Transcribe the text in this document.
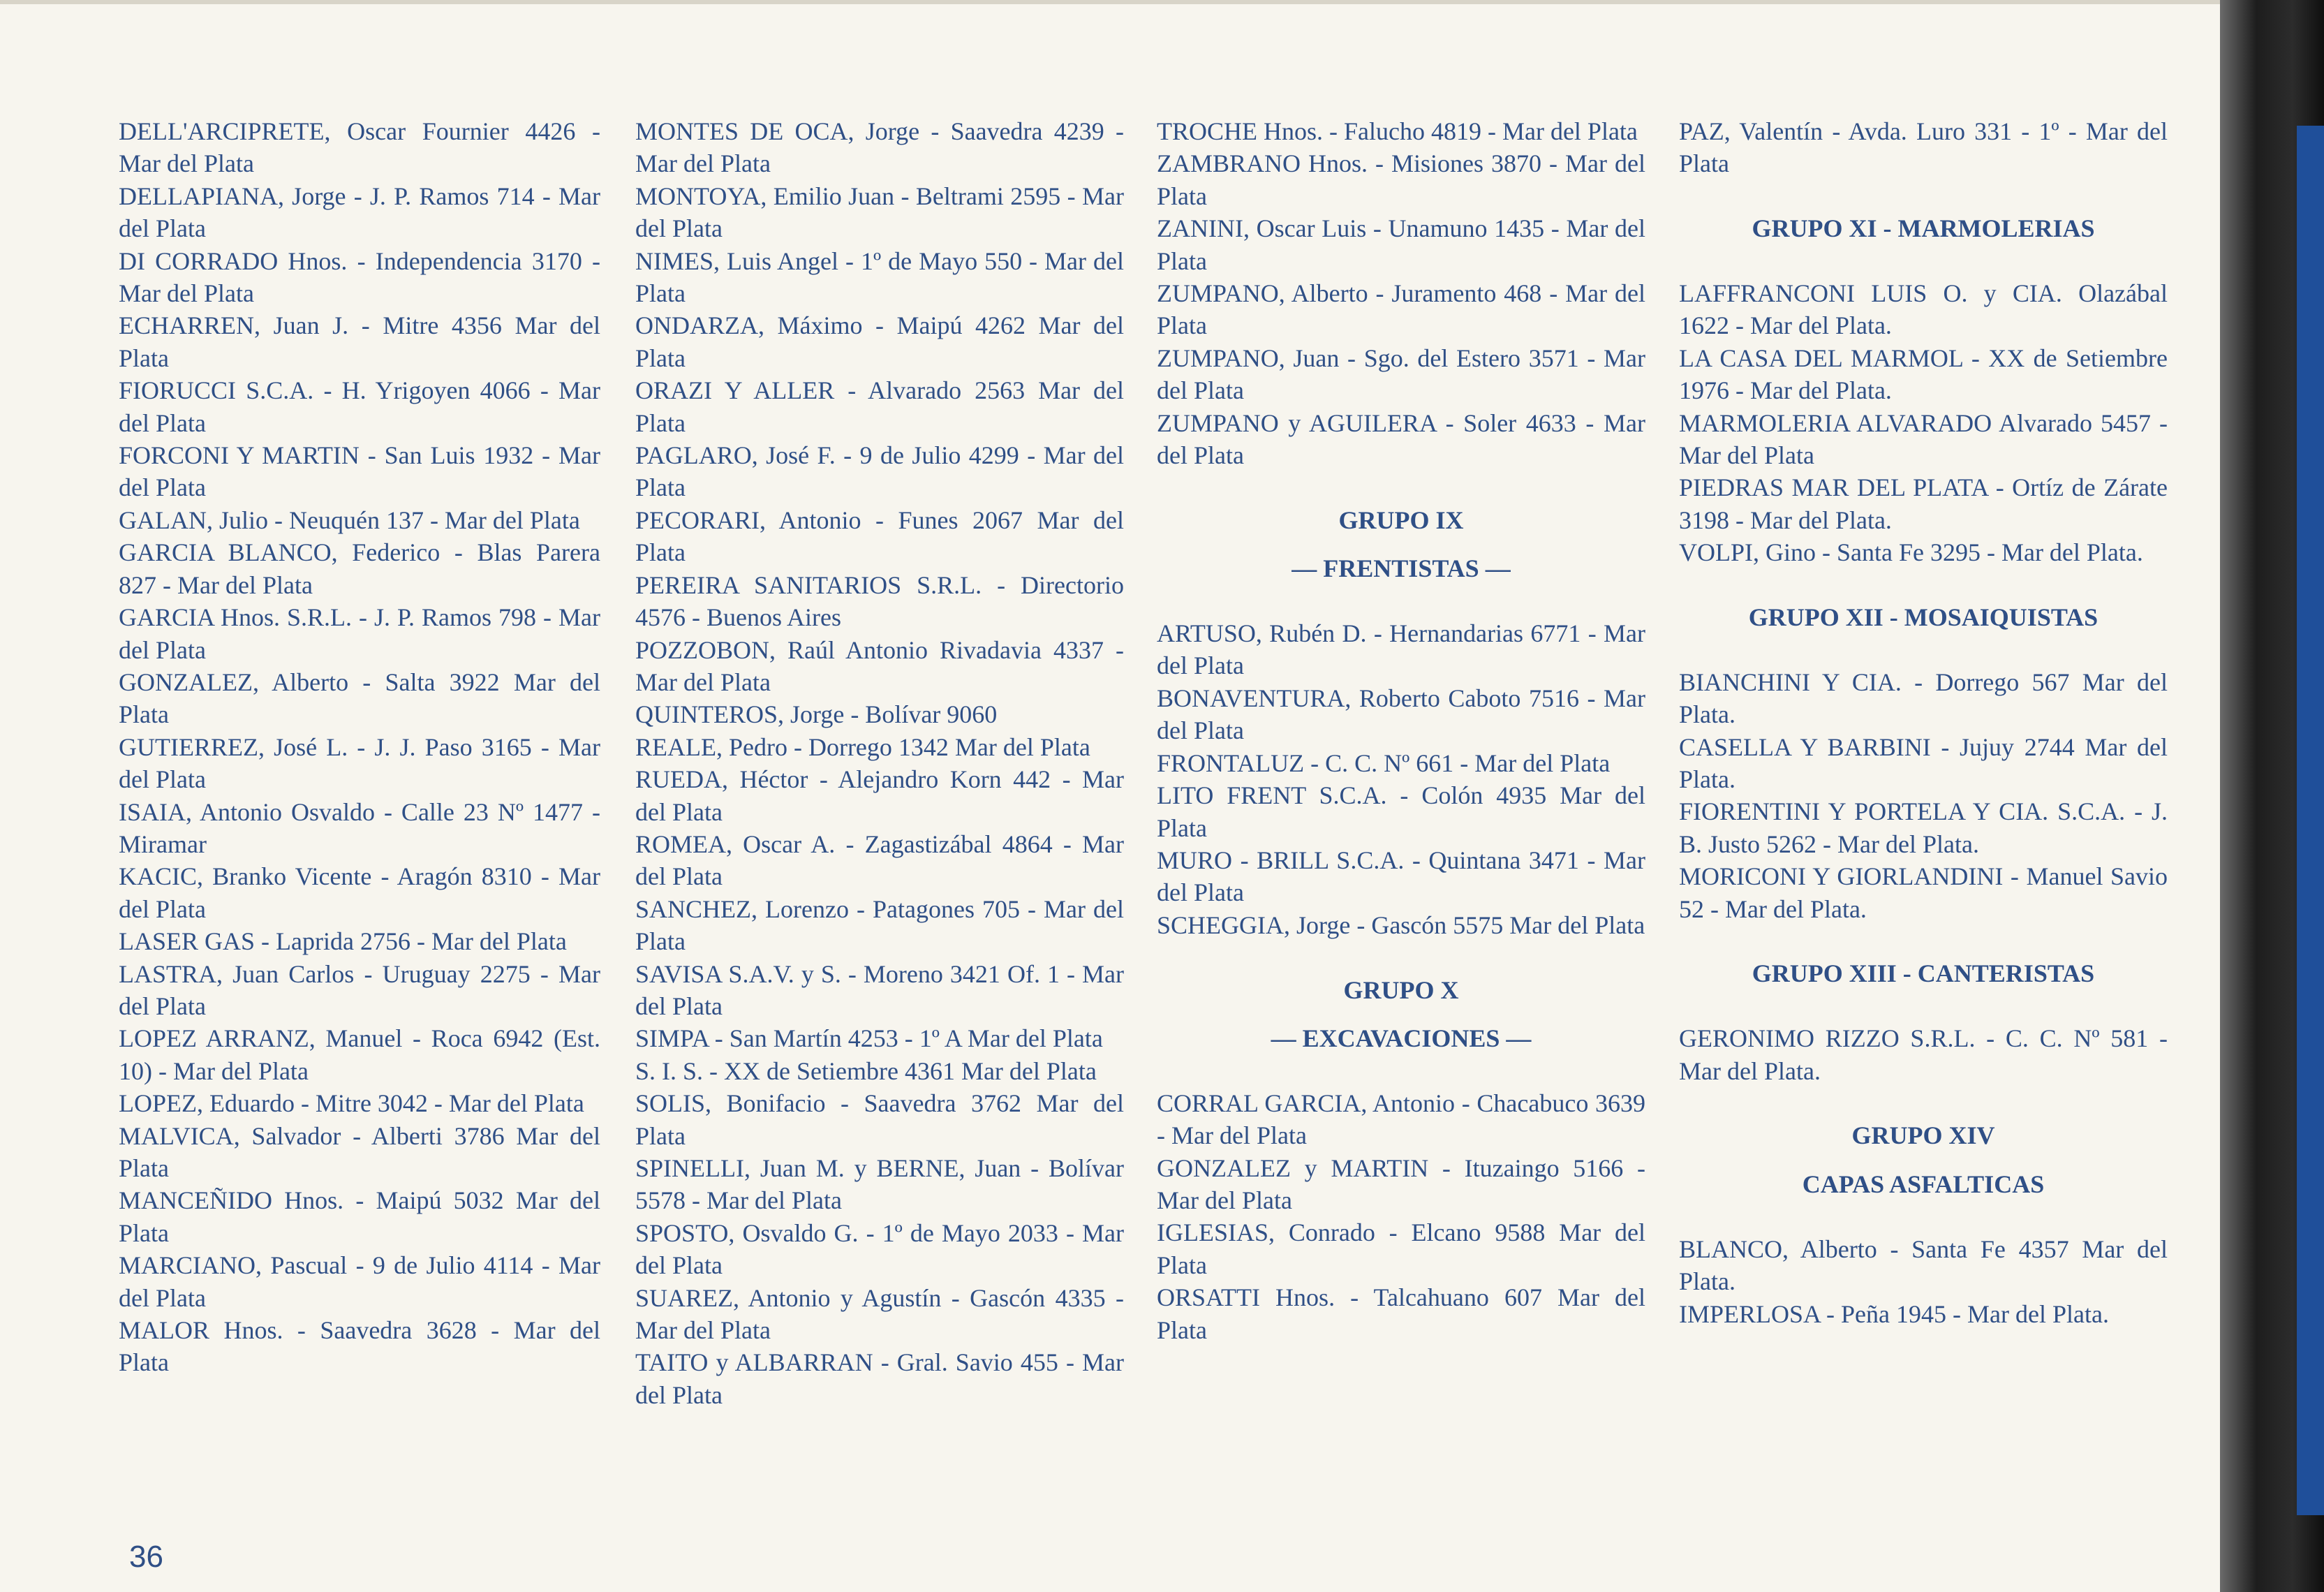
DELL'ARCIPRETE, Oscar Fournier 4426 - Mar del Plata

DELLAPIANA, Jorge - J. P. Ramos 714 - Mar del Plata

DI CORRADO Hnos. - Independencia 3170 - Mar del Plata

ECHARREN, Juan J. - Mitre 4356 Mar del Plata

FIORUCCI S.C.A. - H. Yrigoyen 4066 - Mar del Plata

FORCONI Y MARTIN - San Luis 1932 - Mar del Plata

GALAN, Julio - Neuquén 137 - Mar del Plata

GARCIA BLANCO, Federico - Blas Parera 827 - Mar del Plata

GARCIA Hnos. S.R.L. - J. P. Ramos 798 - Mar del Plata

GONZALEZ, Alberto - Salta 3922 Mar del Plata

GUTIERREZ, José L. - J. J. Paso 3165 - Mar del Plata

ISAIA, Antonio Osvaldo - Calle 23 Nº 1477 - Miramar

KACIC, Branko Vicente - Aragón 8310 - Mar del Plata

LASER GAS - Laprida 2756 - Mar del Plata

LASTRA, Juan Carlos - Uruguay 2275 - Mar del Plata

LOPEZ ARRANZ, Manuel - Roca 6942 (Est. 10) - Mar del Plata

LOPEZ, Eduardo - Mitre 3042 - Mar del Plata

MALVICA, Salvador - Alberti 3786 Mar del Plata

MANCEÑIDO Hnos. - Maipú 5032 Mar del Plata

MARCIANO, Pascual - 9 de Julio 4114 - Mar del Plata

MALOR Hnos. - Saavedra 3628 - Mar del Plata

MONTES DE OCA, Jorge - Saavedra 4239 - Mar del Plata

MONTOYA, Emilio Juan - Beltrami 2595 - Mar del Plata

NIMES, Luis Angel - 1º de Mayo 550 - Mar del Plata

ONDARZA, Máximo - Maipú 4262 Mar del Plata

ORAZI Y ALLER - Alvarado 2563 Mar del Plata

PAGLARO, José F. - 9 de Julio 4299 - Mar del Plata

PECORARI, Antonio - Funes 2067 Mar del Plata

PEREIRA SANITARIOS S.R.L. - Directorio 4576 - Buenos Aires

POZZOBON, Raúl Antonio Rivadavia 4337 - Mar del Plata

QUINTEROS, Jorge - Bolívar 9060

REALE, Pedro - Dorrego 1342 Mar del Plata

RUEDA, Héctor - Alejandro Korn 442 - Mar del Plata

ROMEA, Oscar A. - Zagastizábal 4864 - Mar del Plata

SANCHEZ, Lorenzo - Patagones 705 - Mar del Plata

SAVISA S.A.V. y S. - Moreno 3421 Of. 1 - Mar del Plata

SIMPA - San Martín 4253 - 1º A Mar del Plata

S. I. S. - XX de Setiembre 4361 Mar del Plata

SOLIS, Bonifacio - Saavedra 3762 Mar del Plata

SPINELLI, Juan M. y BERNE, Juan - Bolívar 5578 - Mar del Plata

SPOSTO, Osvaldo G. - 1º de Mayo 2033 - Mar del Plata

SUAREZ, Antonio y Agustín - Gascón 4335 - Mar del Plata

TAITO y ALBARRAN - Gral. Savio 455 - Mar del Plata

TROCHE Hnos. - Falucho 4819 - Mar del Plata

ZAMBRANO Hnos. - Misiones 3870 - Mar del Plata

ZANINI, Oscar Luis - Unamuno 1435 - Mar del Plata

ZUMPANO, Alberto - Juramento 468 - Mar del Plata

ZUMPANO, Juan - Sgo. del Estero 3571 - Mar del Plata

ZUMPANO y AGUILERA - Soler 4633 - Mar del Plata

GRUPO IX

— FRENTISTAS —

ARTUSO, Rubén D. - Hernandarias 6771 - Mar del Plata

BONAVENTURA, Roberto Caboto 7516 - Mar del Plata

FRONTALUZ - C. C. Nº 661 - Mar del Plata

LITO FRENT S.C.A. - Colón 4935 Mar del Plata

MURO - BRILL S.C.A. - Quintana 3471 - Mar del Plata

SCHEGGIA, Jorge - Gascón 5575 Mar del Plata

GRUPO X

— EXCAVACIONES —

CORRAL GARCIA, Antonio - Chacabuco 3639 - Mar del Plata

GONZALEZ y MARTIN - Ituzaingo 5166 - Mar del Plata

IGLESIAS, Conrado - Elcano 9588 Mar del Plata

ORSATTI Hnos. - Talcahuano 607 Mar del Plata

PAZ, Valentín - Avda. Luro 331 - 1º - Mar del Plata

GRUPO XI - MARMOLERIAS

LAFFRANCONI LUIS O. y CIA. Olazábal 1622 - Mar del Plata.

LA CASA DEL MARMOL - XX de Setiembre 1976 - Mar del Plata.

MARMOLERIA ALVARADO Alvarado 5457 - Mar del Plata

PIEDRAS MAR DEL PLATA - Ortíz de Zárate 3198 - Mar del Plata.

VOLPI, Gino - Santa Fe 3295 - Mar del Plata.

GRUPO XII - MOSAIQUISTAS

BIANCHINI Y CIA. - Dorrego 567 Mar del Plata.

CASELLA Y BARBINI - Jujuy 2744 Mar del Plata.

FIORENTINI Y PORTELA Y CIA. S.C.A. - J. B. Justo 5262 - Mar del Plata.

MORICONI Y GIORLANDINI - Manuel Savio 52 - Mar del Plata.

GRUPO XIII - CANTERISTAS

GERONIMO RIZZO S.R.L. - C. C. Nº 581 - Mar del Plata.

GRUPO XIV

CAPAS ASFALTICAS

BLANCO, Alberto - Santa Fe 4357 Mar del Plata.

IMPERLOSA - Peña 1945 - Mar del Plata.

36
